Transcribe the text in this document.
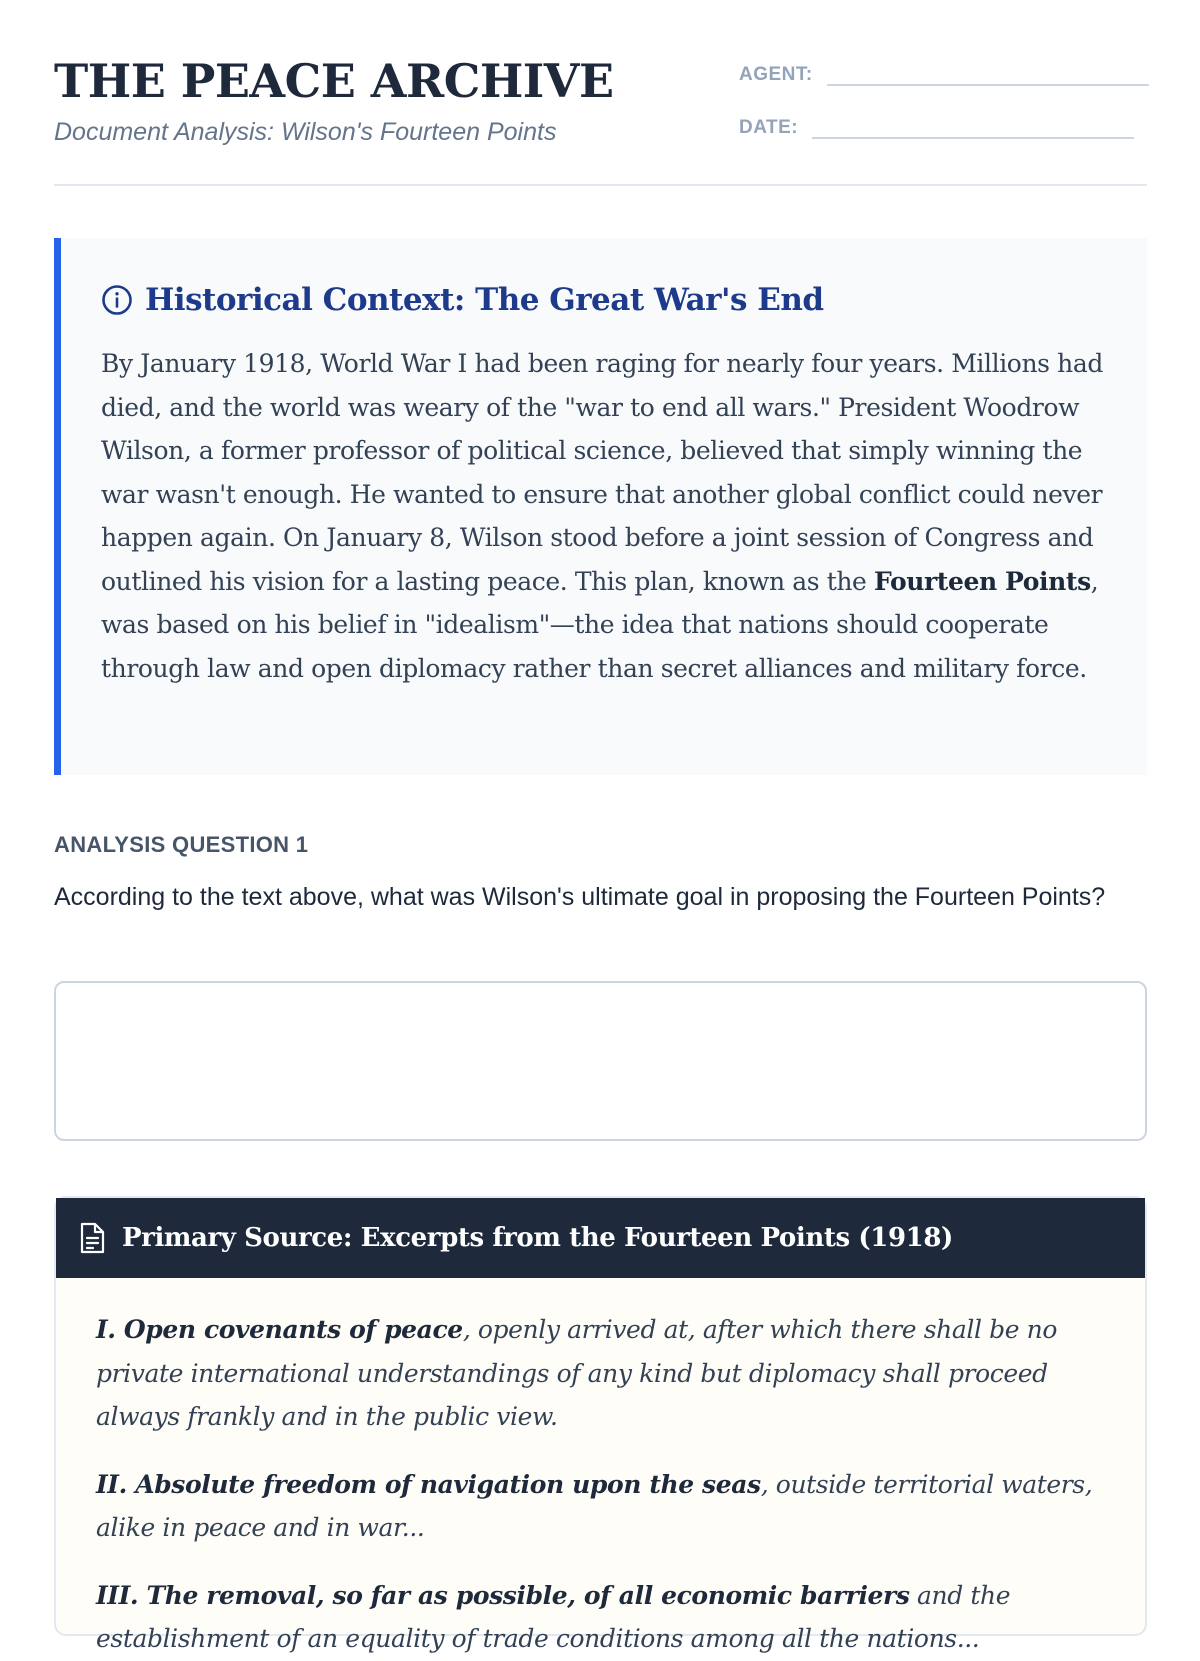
THE PEACE ARCHIVE

Document Analysis: Wilson's Fourteen Points

AGENT:
DATE:
Historical Context: The Great War's End

By January 1918, World War I had been raging for nearly four years. Millions had died, and the world was weary of the "war to end all wars." President Woodrow Wilson, a former professor of political science, believed that simply winning the war wasn't enough. He wanted to ensure that another global conflict could never happen again. On January 8, Wilson stood before a joint session of Congress and outlined his vision for a lasting peace. This plan, known as the Fourteen Points, was based on his belief in "idealism"—the idea that nations should cooperate through law and open diplomacy rather than secret alliances and military force.

ANALYSIS QUESTION 1

According to the text above, what was Wilson's ultimate goal in proposing the Fourteen Points?

Primary Source: Excerpts from the Fourteen Points (1918)

I. Open covenants of peace, openly arrived at, after which there shall be no private international understandings of any kind but diplomacy shall proceed always frankly and in the public view.

II. Absolute freedom of navigation upon the seas, outside territorial waters, alike in peace and in war...

III. The removal, so far as possible, of all economic barriers and the establishment of an equality of trade conditions among all the nations...
